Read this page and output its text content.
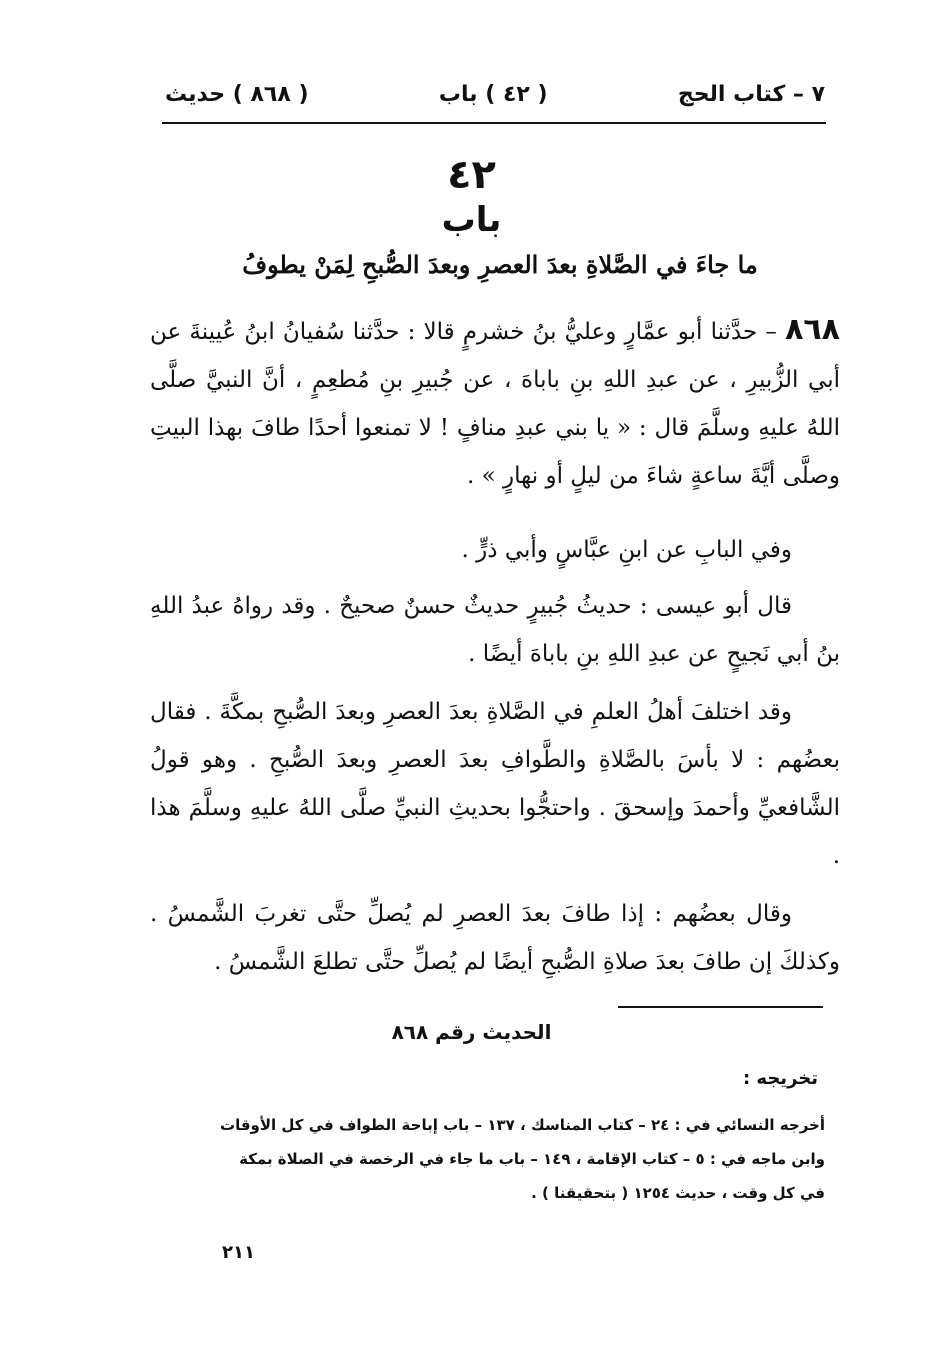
٧ – كتاب الحج
( ٤٢ ) باب
( ٨٦٨ ) حديث
٤٢
باب
ما جاءَ في الصَّلاةِ بعدَ العصرِ وبعدَ الصُّبحِ لِمَنْ يطوفُ

٨٦٨ – حدَّثنا أبو عمَّارٍ وعليُّ بنُ خشرمٍ قالا : حدَّثنا سُفيانُ ابنُ عُيينةَ عن أبي الزُّبيرِ ، عن عبدِ اللهِ بنِ باباهَ ، عن جُبيرِ بنِ مُطعِمٍ ، أنَّ النبيَّ صلَّى اللهُ عليهِ وسلَّمَ قال : « يا بني عبدِ منافٍ ! لا تمنعوا أحدًا طافَ بهذا البيتِ وصلَّى أيَّةَ ساعةٍ شاءَ من ليلٍ أو نهارٍ » .

وفي البابِ عن ابنِ عبَّاسٍ وأبي ذرٍّ .

قال أبو عيسى : حديثُ جُبيرٍ حديثٌ حسنٌ صحيحٌ . وقد رواهُ عبدُ اللهِ بنُ أبي نَجيحٍ عن عبدِ اللهِ بنِ باباهَ أيضًا .

وقد اختلفَ أهلُ العلمِ في الصَّلاةِ بعدَ العصرِ وبعدَ الصُّبحِ بمكَّةَ . فقال بعضُهم : لا بأسَ بالصَّلاةِ والطَّوافِ بعدَ العصرِ وبعدَ الصُّبحِ . وهو قولُ الشَّافعيِّ وأحمدَ وإسحقَ . واحتجُّوا بحديثِ النبيِّ صلَّى اللهُ عليهِ وسلَّمَ هذا .

وقال بعضُهم : إذا طافَ بعدَ العصرِ لم يُصلِّ حتَّى تغربَ الشَّمسُ . وكذلكَ إن طافَ بعدَ صلاةِ الصُّبحِ أيضًا لم يُصلِّ حتَّى تطلعَ الشَّمسُ .

الحديث رقم ٨٦٨
تخريجه :

أخرجه النسائي في : ٢٤ – كتاب المناسك ، ١٣٧ – باب إباحة الطواف في كل الأوقات

وابن ماجه في : ٥ – كتاب الإقامة ، ١٤٩ – باب ما جاء في الرخصة في الصلاة بمكة

في كل وقت ، حديث ١٢٥٤ ( بتحقيقنا ) .

٢١١
